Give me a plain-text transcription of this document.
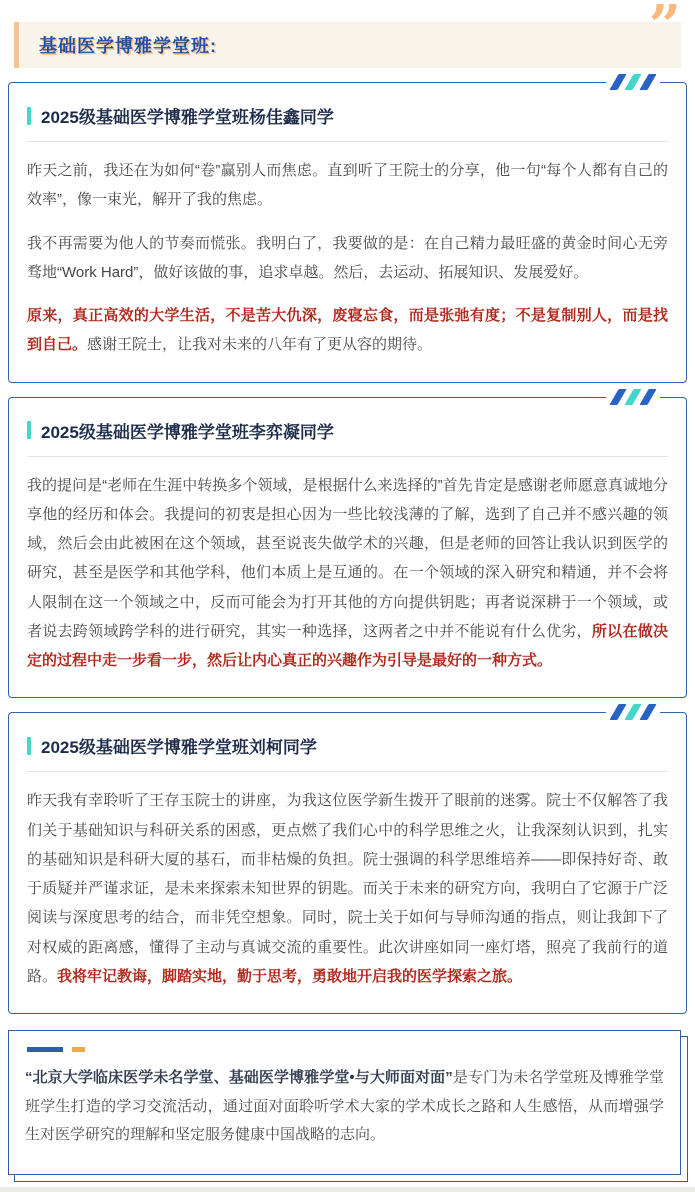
基础医学博雅学堂班:
2025级基础医学博雅学堂班杨佳鑫同学

昨天之前，我还在为如何“卷”赢别人而焦虑。直到听了王院士的分享，他一句“每个人都有自己的效率”，像一束光，解开了我的焦虑。

我不再需要为他人的节奏而慌张。我明白了，我要做的是：在自己精力最旺盛的黄金时间心无旁骛地“Work Hard”，做好该做的事，追求卓越。然后，去运动、拓展知识、发展爱好。

原来，真正高效的大学生活，不是苦大仇深，废寝忘食，而是张弛有度；不是复制别人，而是找到自己。感谢王院士，让我对未来的八年有了更从容的期待。

2025级基础医学博雅学堂班李弈凝同学

我的提问是“老师在生涯中转换多个领域，是根据什么来选择的”首先肯定是感谢老师愿意真诚地分享他的经历和体会。我提问的初衷是担心因为一些比较浅薄的了解，选到了自己并不感兴趣的领域，然后会由此被困在这个领域，甚至说丧失做学术的兴趣，但是老师的回答让我认识到医学的研究，甚至是医学和其他学科，他们本质上是互通的。在一个领域的深入研究和精通，并不会将人限制在这一个领域之中，反而可能会为打开其他的方向提供钥匙；再者说深耕于一个领域，或者说去跨领域跨学科的进行研究，其实一种选择，这两者之中并不能说有什么优劣，所以在做决定的过程中走一步看一步，然后让内心真正的兴趣作为引导是最好的一种方式。

2025级基础医学博雅学堂班刘柯同学

昨天我有幸聆听了王存玉院士的讲座，为我这位医学新生拨开了眼前的迷雾。院士不仅解答了我们关于基础知识与科研关系的困惑，更点燃了我们心中的科学思维之火，让我深刻认识到，扎实的基础知识是科研大厦的基石，而非枯燥的负担。院士强调的科学思维培养——即保持好奇、敢于质疑并严谨求证，是未来探索未知世界的钥匙。而关于未来的研究方向，我明白了它源于广泛阅读与深度思考的结合，而非凭空想象。同时，院士关于如何与导师沟通的指点，则让我卸下了对权威的距离感，懂得了主动与真诚交流的重要性。此次讲座如同一座灯塔，照亮了我前行的道路。我将牢记教诲，脚踏实地，勤于思考，勇敢地开启我的医学探索之旅。

“北京大学临床医学未名学堂、基础医学博雅学堂•与大师面对面”是专门为未名学堂班及博雅学堂班学生打造的学习交流活动，通过面对面聆听学术大家的学术成长之路和人生感悟，从而增强学生对医学研究的理解和坚定服务健康中国战略的志向。
